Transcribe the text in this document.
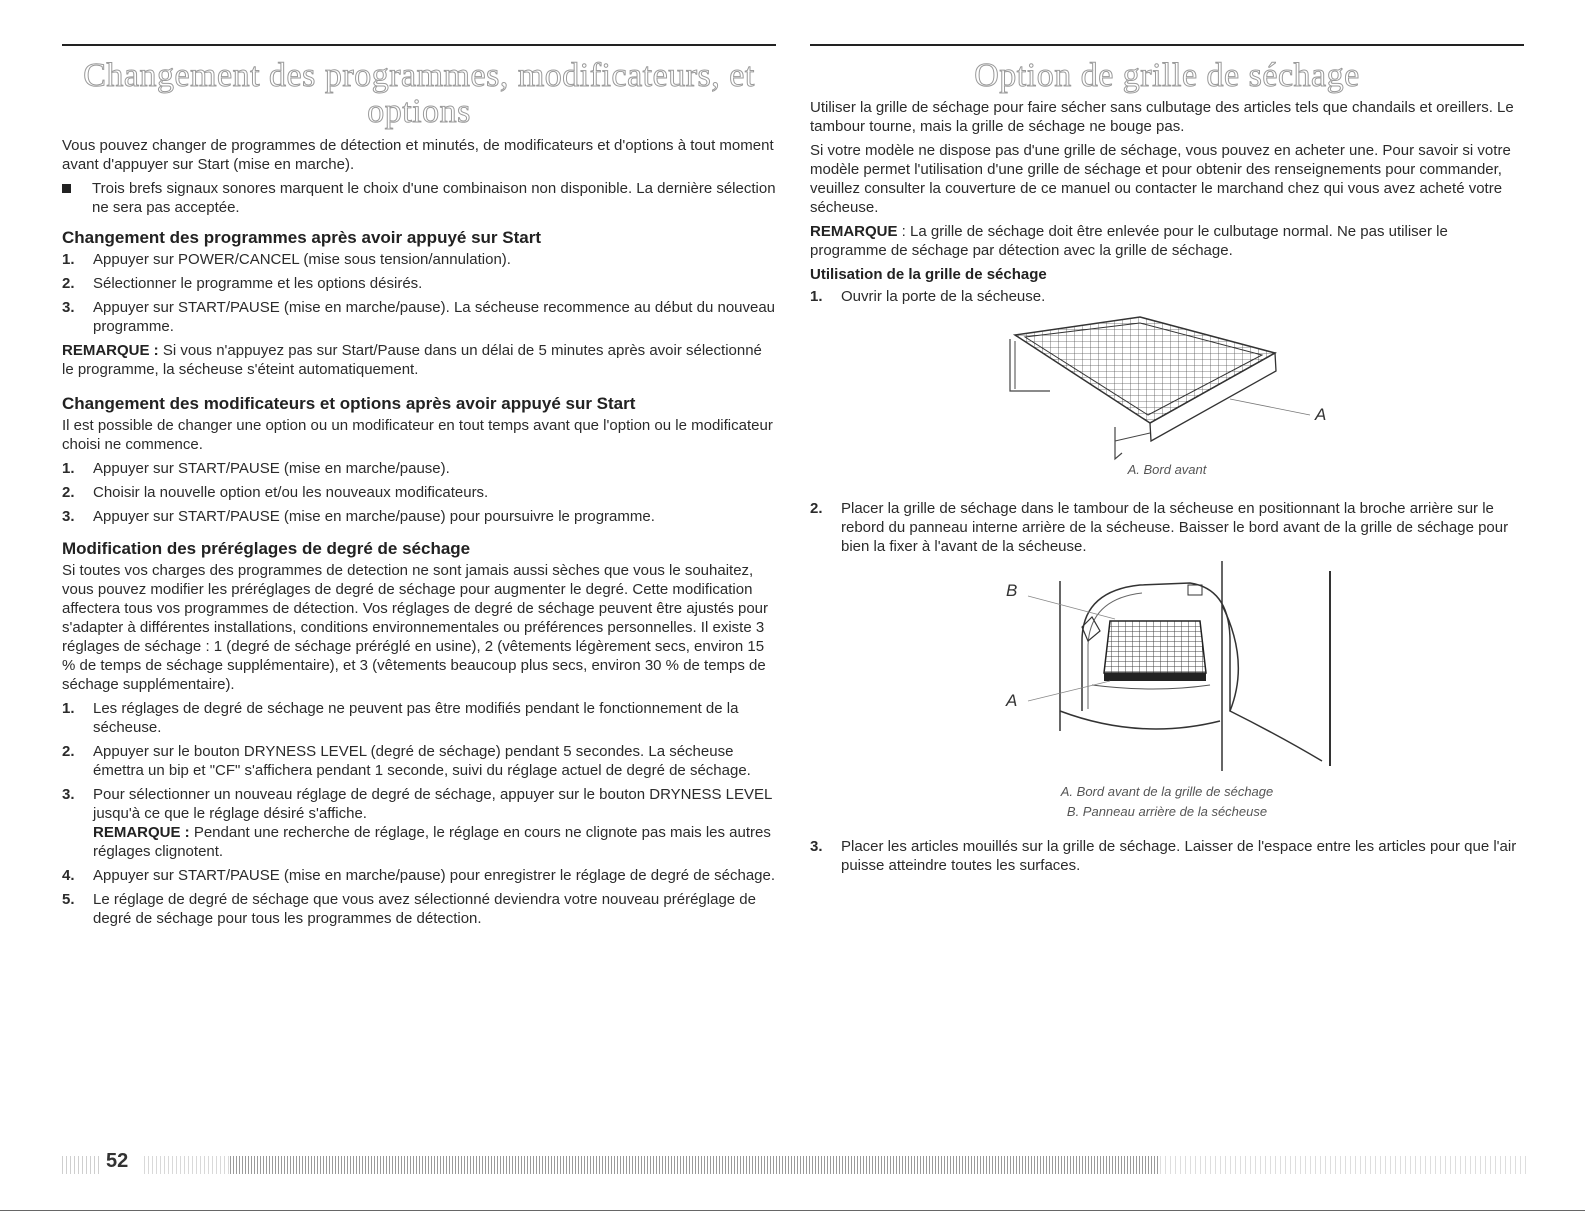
Changement des programmes, modificateurs, et options

Vous pouvez changer de programmes de détection et minutés, de modificateurs et d'options à tout moment avant d'appuyer sur Start (mise en marche).

Trois brefs signaux sonores marquent le choix d'une combinaison non disponible. La dernière sélection ne sera pas acceptée.
Changement des programmes après avoir appuyé sur Start
1. Appuyer sur POWER/CANCEL (mise sous tension/annulation).
2. Sélectionner le programme et les options désirés.
3. Appuyer sur START/PAUSE (mise en marche/pause). La sécheuse recommence au début du nouveau programme.

REMARQUE : Si vous n'appuyez pas sur Start/Pause dans un délai de 5 minutes après avoir sélectionné le programme, la sécheuse s'éteint automatiquement.

Changement des modificateurs et options après avoir appuyé sur Start

Il est possible de changer une option ou un modificateur en tout temps avant que l'option ou le modificateur choisi ne commence.

1. Appuyer sur START/PAUSE (mise en marche/pause).
2. Choisir la nouvelle option et/ou les nouveaux modificateurs.
3. Appuyer sur START/PAUSE (mise en marche/pause) pour poursuivre le programme.
Modification des préréglages de degré de séchage

Si toutes vos charges des programmes de detection ne sont jamais aussi sèches que vous le souhaitez, vous pouvez modifier les préréglages de degré de séchage pour augmenter le degré. Cette modification affectera tous vos programmes de détection. Vos réglages de degré de séchage peuvent être ajustés pour s'adapter à différentes installations, conditions environnementales ou préférences personnelles. Il existe 3 réglages de séchage : 1 (degré de séchage préréglé en usine), 2 (vêtements légèrement secs, environ 15 % de temps de séchage supplémentaire), et 3 (vêtements beaucoup plus secs, environ 30 % de temps de séchage supplémentaire).

1. Les réglages de degré de séchage ne peuvent pas être modifiés pendant le fonctionnement de la sécheuse.
2. Appuyer sur le bouton DRYNESS LEVEL (degré de séchage) pendant 5 secondes. La sécheuse émettra un bip et "CF" s'affichera pendant 1 seconde, suivi du réglage actuel de degré de séchage.
3. Pour sélectionner un nouveau réglage de degré de séchage, appuyer sur le bouton DRYNESS LEVEL jusqu'à ce que le réglage désiré s'affiche.
REMARQUE : Pendant une recherche de réglage, le réglage en cours ne clignote pas mais les autres réglages clignotent.
4. Appuyer sur START/PAUSE (mise en marche/pause) pour enregistrer le réglage de degré de séchage.
5. Le réglage de degré de séchage que vous avez sélectionné deviendra votre nouveau préréglage de degré de séchage pour tous les programmes de détection.
Option de grille de séchage

Utiliser la grille de séchage pour faire sécher sans culbutage des articles tels que chandails et oreillers. Le tambour tourne, mais la grille de séchage ne bouge pas.

Si votre modèle ne dispose pas d'une grille de séchage, vous pouvez en acheter une. Pour savoir si votre modèle permet l'utilisation d'une grille de séchage et pour obtenir des renseignements pour commander, veuillez consulter la couverture de ce manuel ou contacter le marchand chez qui vous avez acheté votre sécheuse.

REMARQUE : La grille de séchage doit être enlevée pour le culbutage normal. Ne pas utiliser le programme de séchage par détection avec la grille de séchage.

Utilisation de la grille de séchage
1. Ouvrir la porte de la sécheuse.
A
A. Bord avant
2. Placer la grille de séchage dans le tambour de la sécheuse en positionnant la broche arrière sur le rebord du panneau interne arrière de la sécheuse. Baisser le bord avant de la grille de séchage pour bien la fixer à l'avant de la sécheuse.
B
A
A. Bord avant de la grille de séchage
B. Panneau arrière de la sécheuse
3. Placer les articles mouillés sur la grille de séchage. Laisser de l'espace entre les articles pour que l'air puisse atteindre toutes les surfaces.
52
